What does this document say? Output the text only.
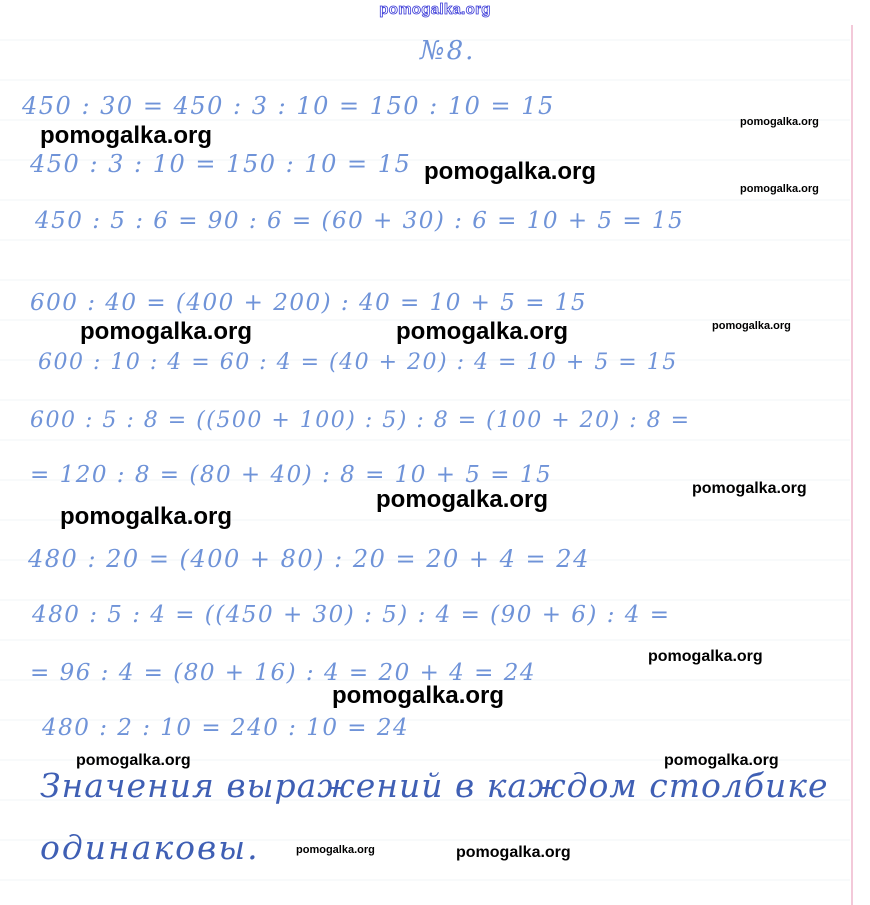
pomogalka.org
№8.
450 : 30 = 450 : 3 : 10 = 150 : 10 = 15
450 : 3 : 10 = 150 : 10 = 15
450 : 5 : 6 = 90 : 6 = (60 + 30) : 6 = 10 + 5 = 15
600 : 40 = (400 + 200) : 40 = 10 + 5 = 15
600 : 10 : 4 = 60 : 4 = (40 + 20) : 4 = 10 + 5 = 15
600 : 5 : 8 = ((500 + 100) : 5) : 8 = (100 + 20) : 8 =
= 120 : 8 = (80 + 40) : 8 = 10 + 5 = 15
480 : 20 = (400 + 80) : 20 = 20 + 4 = 24
480 : 5 : 4 = ((450 + 30) : 5) : 4 = (90 + 6) : 4 =
= 96 : 4 = (80 + 16) : 4 = 20 + 4 = 24
480 : 2 : 10 = 240 : 10 = 24
Значения выражений в каждом столбике
одинаковы.
pomogalka.org	pomogalka.org
pomogalka.org
pomogalka.org
pomogalka.org	pomogalka.org	pomogalka.org
pomogalka.org
pomogalka.org
pomogalka.org
pomogalka.org
pomogalka.org
pomogalka.org	pomogalka.org
pomogalka.org	pomogalka.org
